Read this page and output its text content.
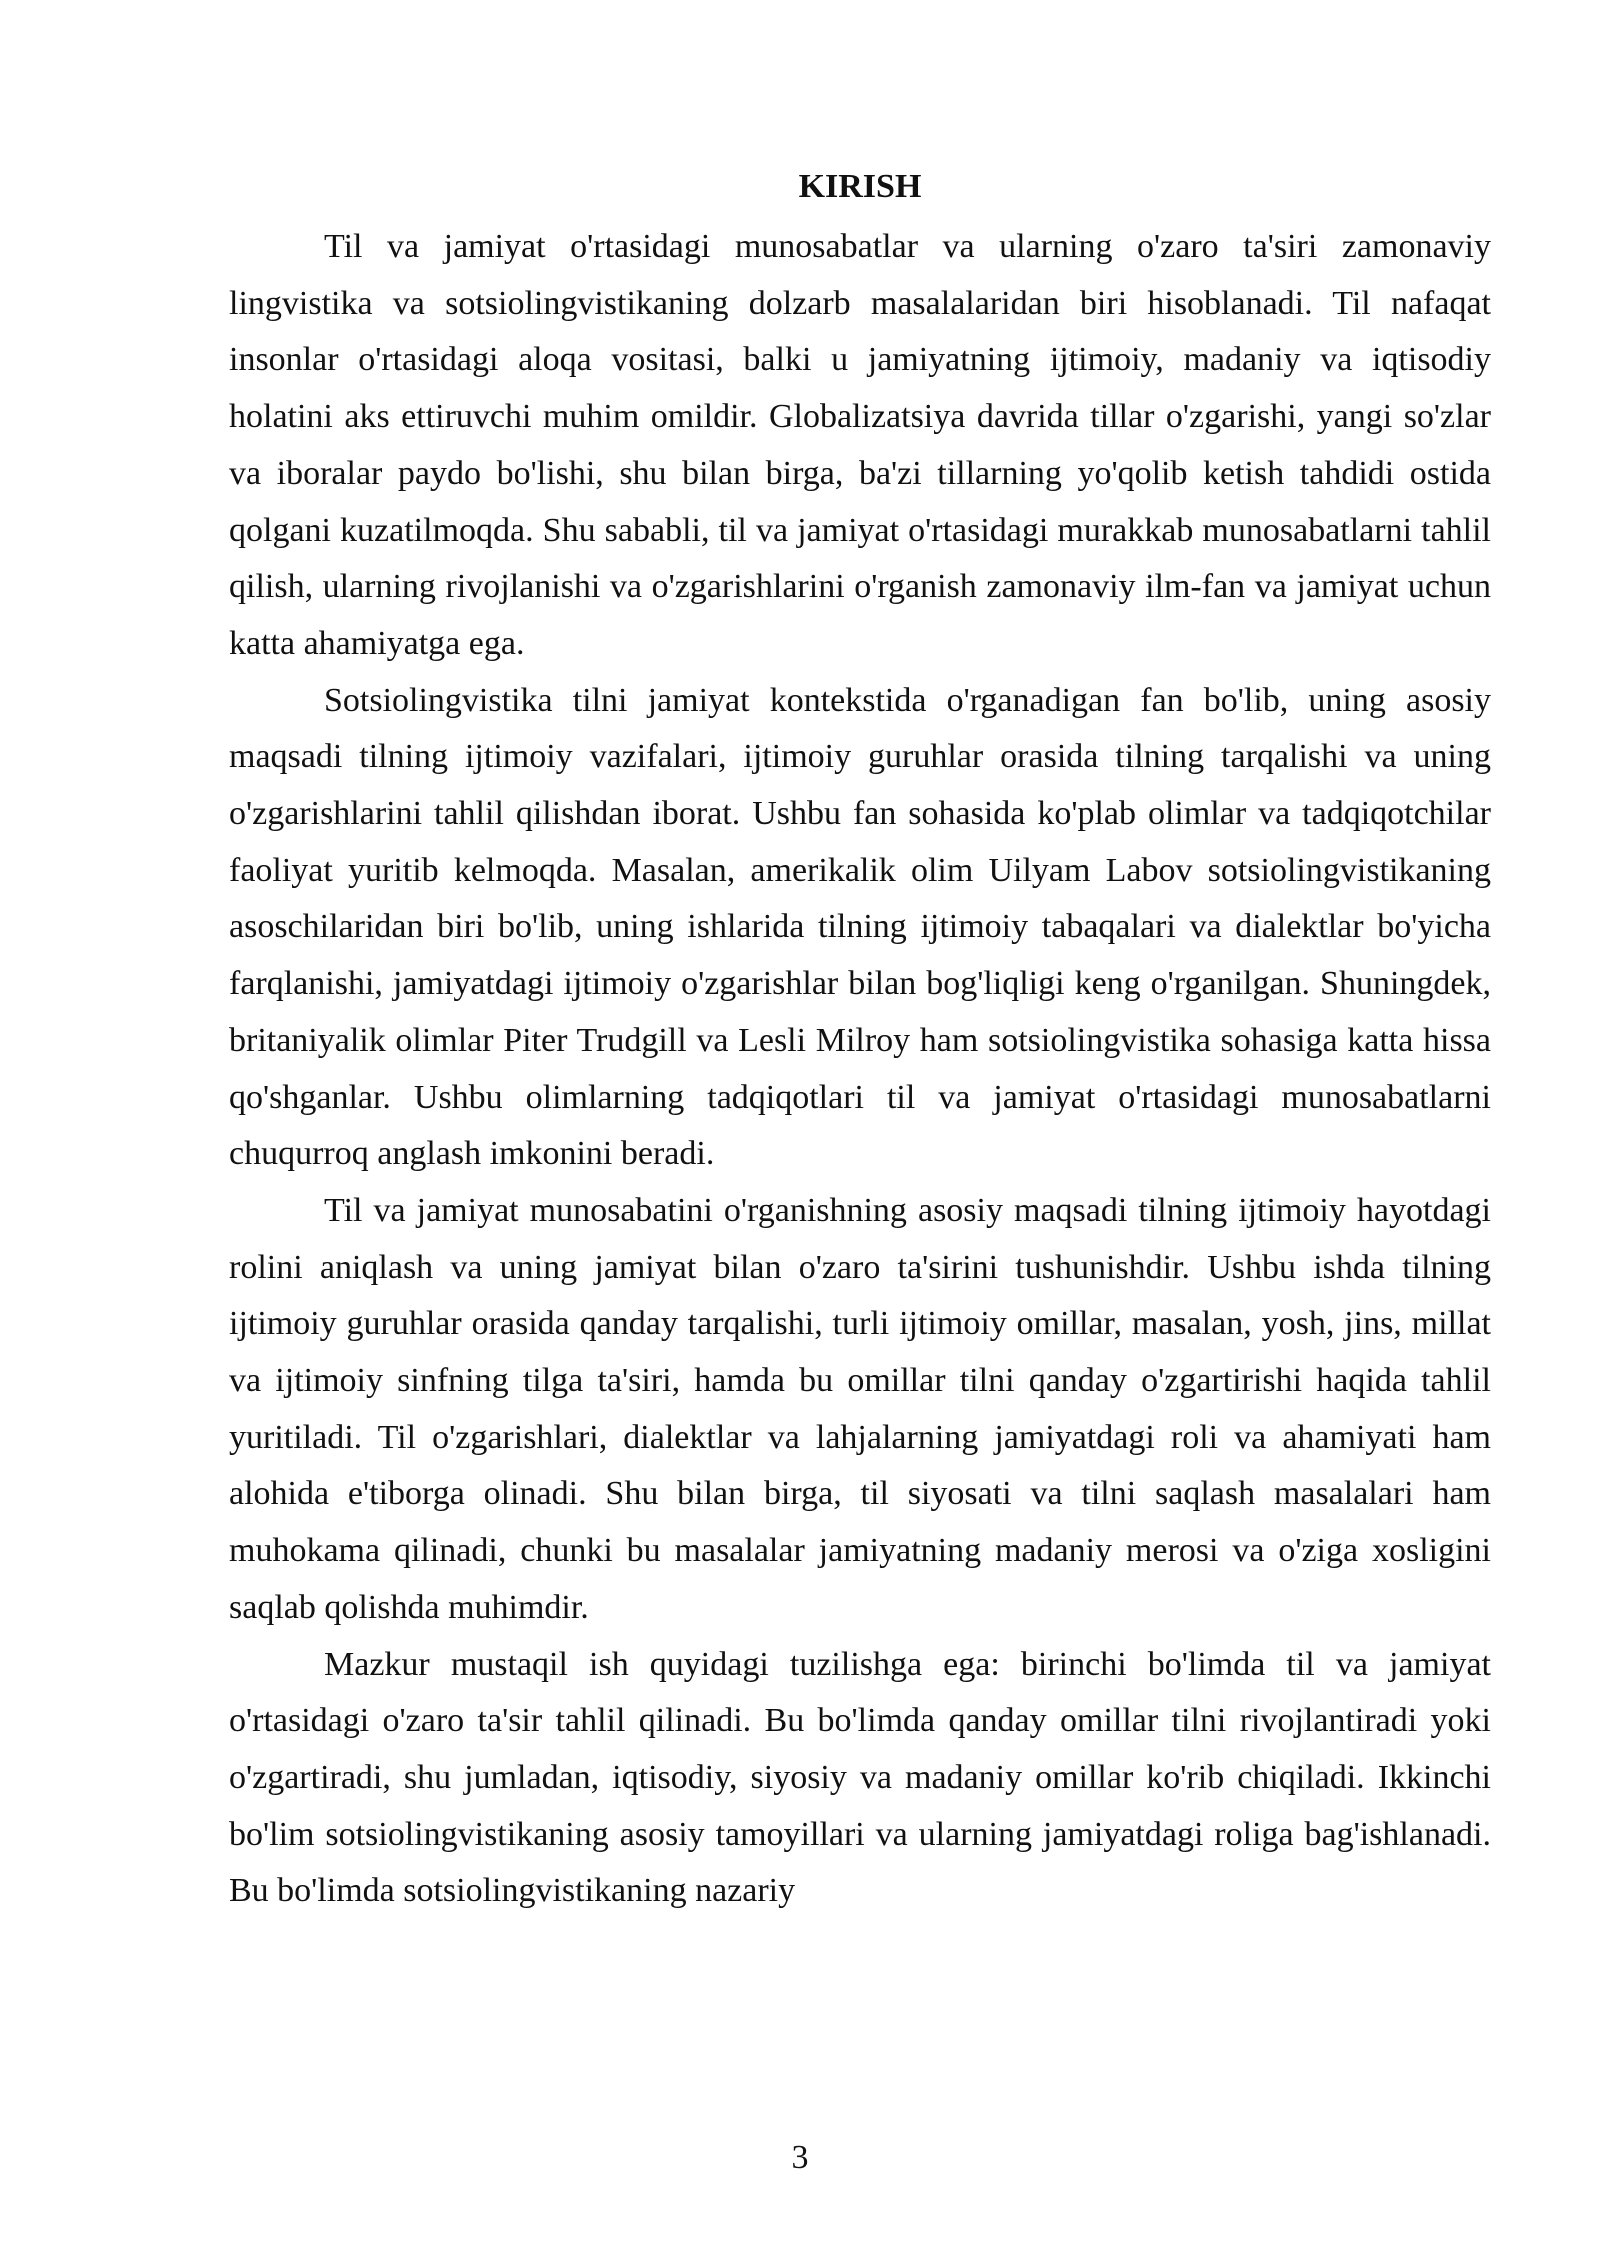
KIRISH

Til va jamiyat o'rtasidagi munosabatlar va ularning o'zaro ta'siri zamonaviy lingvistika va sotsiolingvistikaning dolzarb masalalaridan biri hisoblanadi. Til nafaqat insonlar o'rtasidagi aloqa vositasi, balki u jamiyatning ijtimoiy, madaniy va iqtisodiy holatini aks ettiruvchi muhim omildir. Globalizatsiya davrida tillar o'zgarishi, yangi so'zlar va iboralar paydo bo'lishi, shu bilan birga, ba'zi tillarning yo'qolib ketish tahdidi ostida qolgani kuzatilmoqda. Shu sababli, til va jamiyat o'rtasidagi murakkab munosabatlarni tahlil qilish, ularning rivojlanishi va o'zgarishlarini o'rganish zamonaviy ilm-fan va jamiyat uchun katta ahamiyatga ega.

Sotsiolingvistika tilni jamiyat kontekstida o'rganadigan fan bo'lib, uning asosiy maqsadi tilning ijtimoiy vazifalari, ijtimoiy guruhlar orasida tilning tarqalishi va uning o'zgarishlarini tahlil qilishdan iborat. Ushbu fan sohasida ko'plab olimlar va tadqiqotchilar faoliyat yuritib kelmoqda. Masalan, amerikalik olim Uilyam Labov sotsiolingvistikaning asoschilaridan biri bo'lib, uning ishlarida tilning ijtimoiy tabaqalari va dialektlar bo'yicha farqlanishi, jamiyatdagi ijtimoiy o'zgarishlar bilan bog'liqligi keng o'rganilgan. Shuningdek, britaniyalik olimlar Piter Trudgill va Lesli Milroy ham sotsiolingvistika sohasiga katta hissa qo'shganlar. Ushbu olimlarning tadqiqotlari til va jamiyat o'rtasidagi munosabatlarni chuqurroq anglash imkonini beradi.

Til va jamiyat munosabatini o'rganishning asosiy maqsadi tilning ijtimoiy hayotdagi rolini aniqlash va uning jamiyat bilan o'zaro ta'sirini tushunishdir. Ushbu ishda tilning ijtimoiy guruhlar orasida qanday tarqalishi, turli ijtimoiy omillar, masalan, yosh, jins, millat va ijtimoiy sinfning tilga ta'siri, hamda bu omillar tilni qanday o'zgartirishi haqida tahlil yuritiladi. Til o'zgarishlari, dialektlar va lahjalarning jamiyatdagi roli va ahamiyati ham alohida e'tiborga olinadi. Shu bilan birga, til siyosati va tilni saqlash masalalari ham muhokama qilinadi, chunki bu masalalar jamiyatning madaniy merosi va o'ziga xosligini saqlab qolishda muhimdir.

Mazkur mustaqil ish quyidagi tuzilishga ega: birinchi bo'limda til va jamiyat o'rtasidagi o'zaro ta'sir tahlil qilinadi. Bu bo'limda qanday omillar tilni rivojlantiradi yoki o'zgartiradi, shu jumladan, iqtisodiy, siyosiy va madaniy omillar ko'rib chiqiladi. Ikkinchi bo'lim sotsiolingvistikaning asosiy tamoyillari va ularning jamiyatdagi roliga bag'ishlanadi. Bu bo'limda sotsiolingvistikaning nazariy

3
